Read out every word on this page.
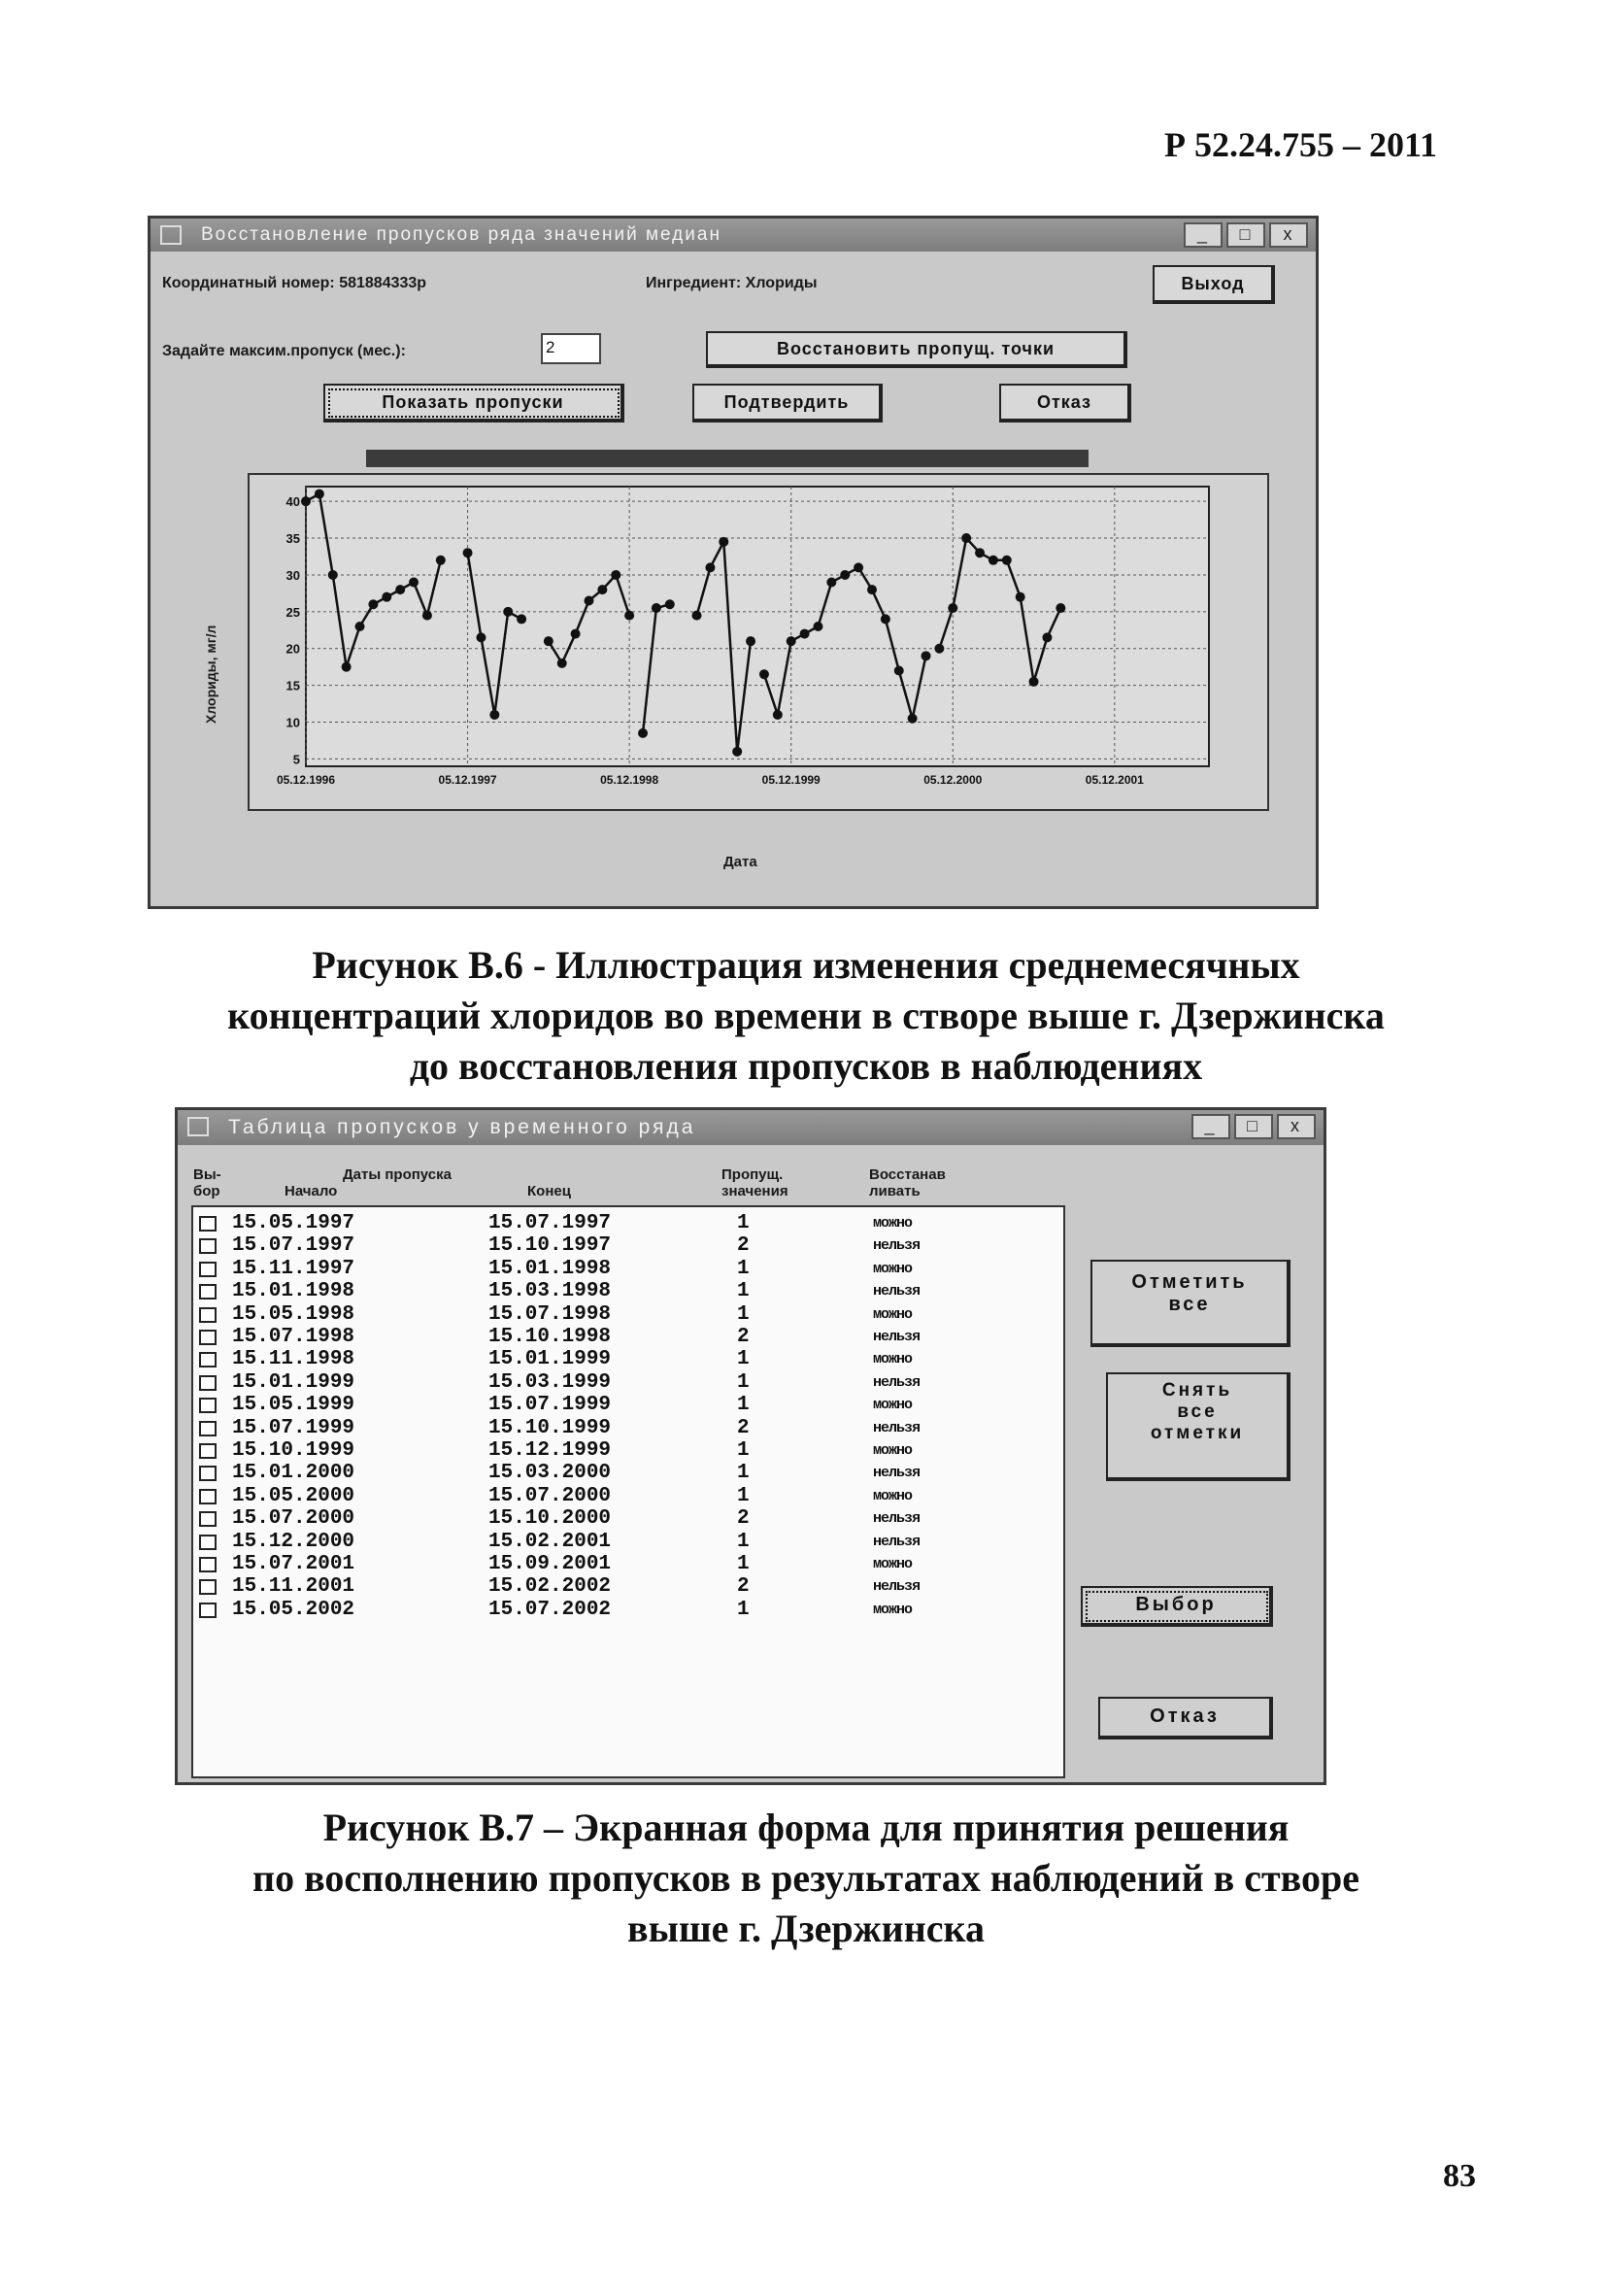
Р 52.24.755 – 2011
Восстановление пропусков ряда значений медиан	_	□	x
Координатный номер: 581884333р	Ингредиент: Хлориды	Выход
Задайте максим.пропуск (мес.):	2	Восстановить пропущ. точки
Показать пропуски	Подтвердить	Отказ
5
10
15
20
25
30
35
40
05.12.1996	05.12.1997	05.12.1998	05.12.1999	05.12.2000	05.12.2001
Дата
Хлориды, мг/л
Рисунок В.6 - Иллюстрация изменения среднемесячных
концентраций хлоридов во времени в створе выше г. Дзержинска
до восстановления пропусков в наблюдениях
Таблица пропусков у временного ряда	_	□	x
Вы-
бор
Даты пропуска
Начало	Конец
Пропущ.
значения
Восстанав
ливать
15.05.1997	15.07.1997	1	можно
15.07.1997	15.10.1997	2	нельзя
15.11.1997	15.01.1998	1	можно
15.01.1998	15.03.1998	1	нельзя
15.05.1998	15.07.1998	1	можно
15.07.1998	15.10.1998	2	нельзя
15.11.1998	15.01.1999	1	можно
15.01.1999	15.03.1999	1	нельзя
15.05.1999	15.07.1999	1	можно
15.07.1999	15.10.1999	2	нельзя
15.10.1999	15.12.1999	1	можно
15.01.2000	15.03.2000	1	нельзя
15.05.2000	15.07.2000	1	можно
15.07.2000	15.10.2000	2	нельзя
15.12.2000	15.02.2001	1	нельзя
15.07.2001	15.09.2001	1	можно
15.11.2001	15.02.2002	2	нельзя
15.05.2002	15.07.2002	1	можно
Отметить
все
Снять
все
отметки
Выбор
Отказ
Рисунок В.7 – Экранная форма для принятия решения
по восполнению пропусков в результатах наблюдений в створе
выше г. Дзержинска
83
